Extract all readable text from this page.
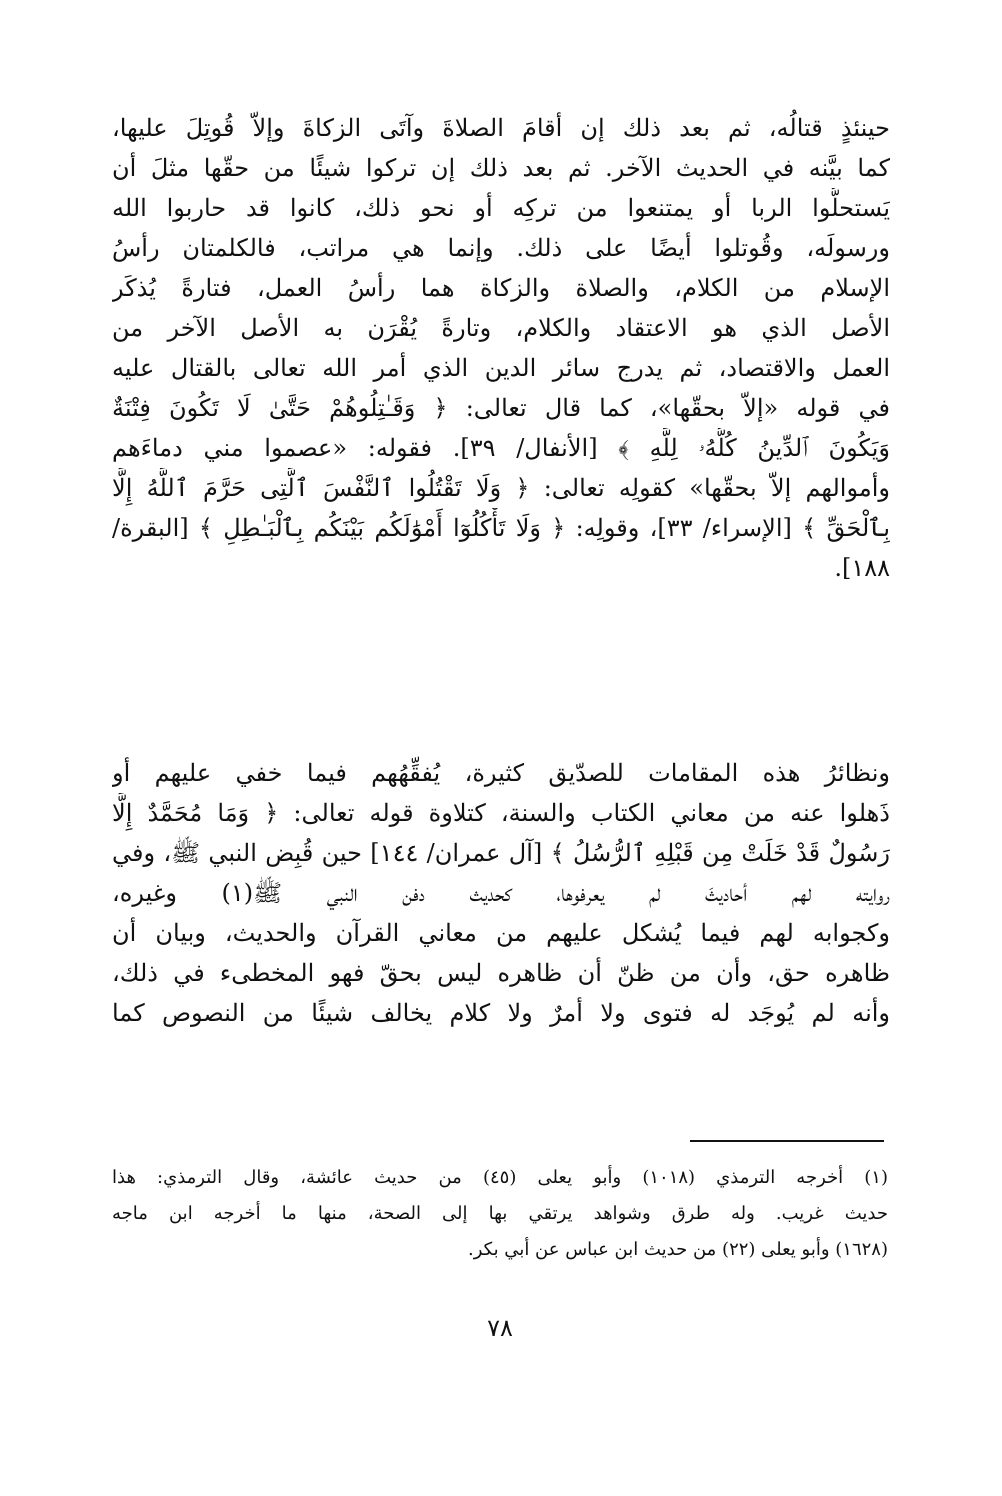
حينئذٍ قتالُه، ثم بعد ذلك إن أقامَ الصلاةَ وآتَى الزكاةَ وإلاّ قُوتِلَ عليها،
كما بيَّنه في الحديث الآخر. ثم بعد ذلك إن تركوا شيئًا من حقّها مثلَ أن
يَستحلُّوا الربا أو يمتنعوا من تركِه أو نحو ذلك، كانوا قد حاربوا الله
ورسولَه، وقُوتلوا أيضًا على ذلك. وإنما هي مراتب، فالكلمتان رأسُ
الإسلام من الكلام، والصلاة والزكاة هما رأسُ العمل، فتارةً يُذكَر
الأصل الذي هو الاعتقاد والكلام، وتارةً يُقْرَن به الأصل الآخر من
العمل والاقتصاد، ثم يدرج سائر الدين الذي أمر الله تعالى بالقتال عليه
في قوله «إلاّ بحقّها»، كما قال تعالى: ﴿ وَقَـٰتِلُوهُمْ حَتَّىٰ لَا تَكُونَ فِتْنَةٌ
وَيَكُونَ ٱلدِّينُ كُلُّهُۥ لِلَّهِ ﴾ [الأنفال/ ٣٩]. فقوله: «عصموا مني دماءَهم
وأموالهم إلاّ بحقّها» كقولِه تعالى: ﴿ وَلَا تَقْتُلُوا ٱلنَّفْسَ ٱلَّتِى حَرَّمَ ٱللَّهُ إِلَّا
بِٱلْحَقِّ ﴾ [الإسراء/ ٣٣]، وقولِه: ﴿ وَلَا تَأْكُلُوٓا أَمْوَٰلَكُم بَيْنَكُم بِٱلْبَـٰطِلِ ﴾ [البقرة/
١٨٨].
ونظائرُ هذه المقامات للصدّيق كثيرة، يُفقِّهُهم فيما خفي عليهم أو
ذَهلوا عنه من معاني الكتاب والسنة، كتلاوة قوله تعالى: ﴿ وَمَا مُحَمَّدٌ إِلَّا
رَسُولٌ قَدْ خَلَتْ مِن قَبْلِهِ ٱلرُّسُلُ ﴾ [آل عمران/ ١٤٤] حين قُبِض النبي ﷺ، وفي
روايته لهم أحاديثَ لم يعرفوها، كحديث دفن النبي ﷺ(١) وغيره،
وكجوابه لهم فيما يُشكل عليهم من معاني القرآن والحديث، وبيان أن
ظاهره حق، وأن من ظنّ أن ظاهره ليس بحقّ فهو المخطىء في ذلك،
وأنه لم يُوجَد له فتوى ولا أمرٌ ولا كلام يخالف شيئًا من النصوص كما
(١) أخرجه الترمذي (١٠١٨) وأبو يعلى (٤٥) من حديث عائشة، وقال الترمذي: هذا
حديث غريب. وله طرق وشواهد يرتقي بها إلى الصحة، منها ما أخرجه ابن ماجه
(١٦٢٨) وأبو يعلى (٢٢) من حديث ابن عباس عن أبي بكر.
٧٨
